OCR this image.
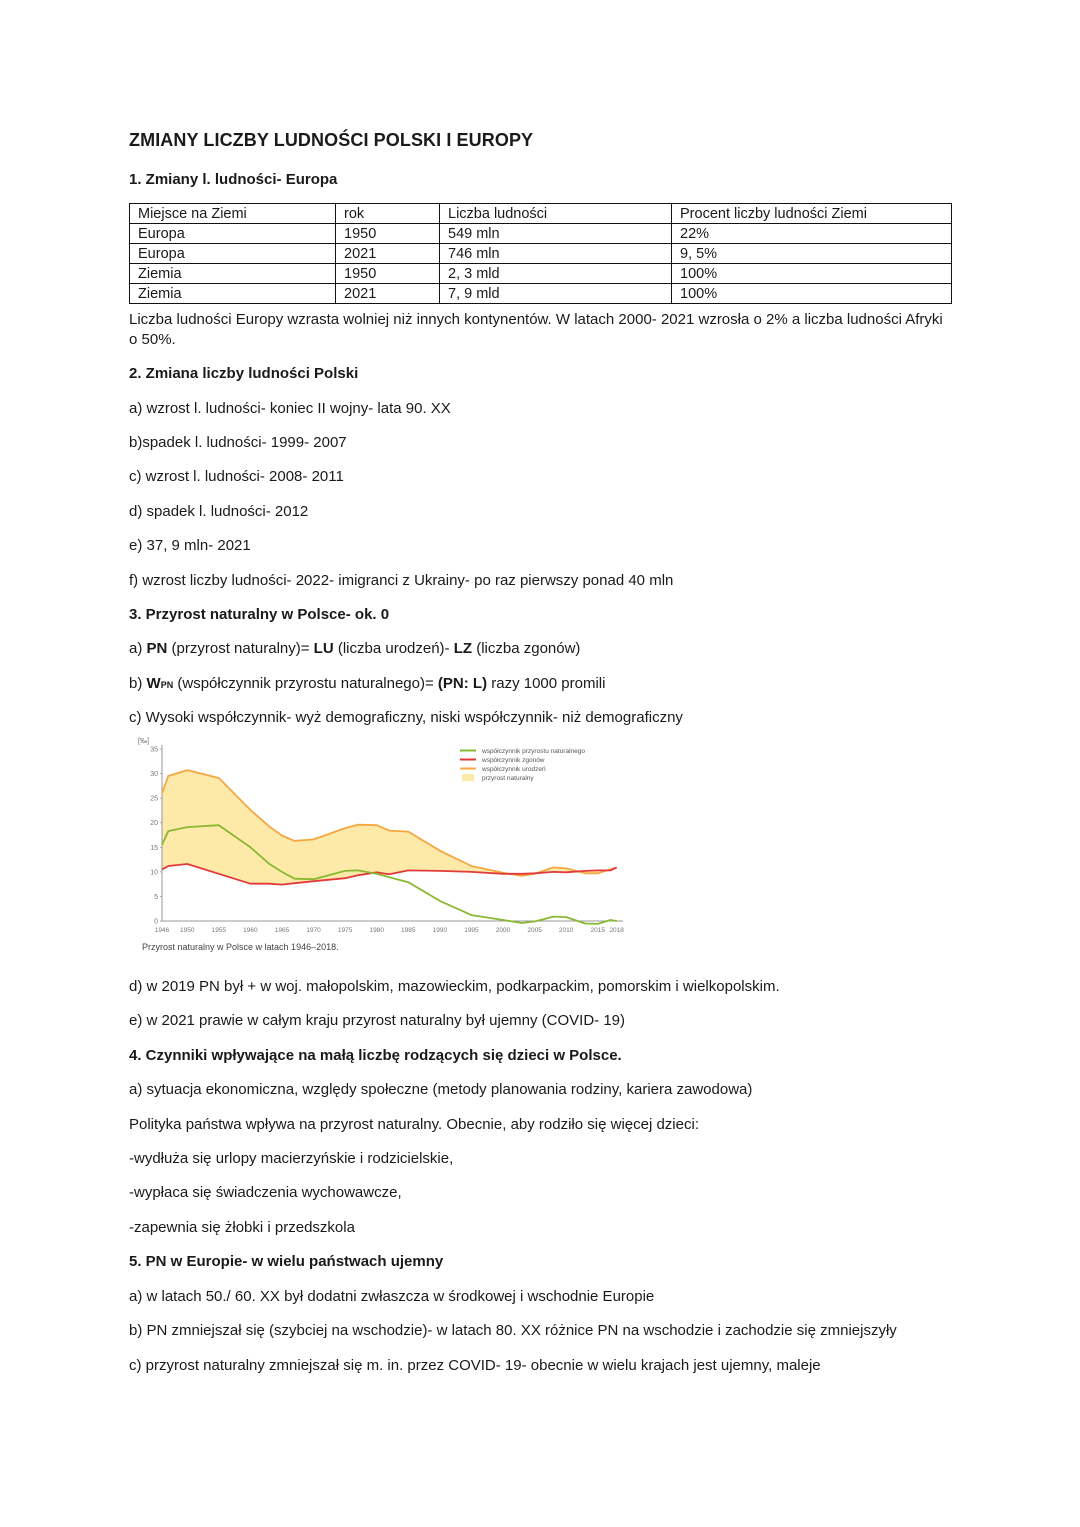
ZMIANY LICZBY LUDNOŚCI POLSKI I EUROPY
1. Zmiany l. ludności- Europa
Miejsce na Ziemi	rok	Liczba ludności	Procent liczby ludności Ziemi
Europa	1950	549 mln	22%
Europa	2021	746 mln	9, 5%
Ziemia	1950	2, 3 mld	100%
Ziemia	2021	7, 9 mld	100%
Liczba ludności Europy wzrasta wolniej niż innych kontynentów. W latach 2000- 2021 wzrosła o 2% a liczba ludności Afryki o 50%.
2. Zmiana liczby ludności Polski
a) wzrost l. ludności- koniec II wojny- lata 90. XX
b)spadek l. ludności- 1999- 2007
c) wzrost l. ludności- 2008- 2011
d) spadek l. ludności- 2012
e) 37, 9 mln- 2021
f) wzrost liczby ludności- 2022- imigranci z Ukrainy- po raz pierwszy ponad 40 mln
3. Przyrost naturalny w Polsce- ok. 0
a) PN (przyrost naturalny)= LU (liczba urodzeń)- LZ (liczba zgonów)
b) WPN (współczynnik przyrostu naturalnego)= (PN: L) razy 1000 promili
c) Wysoki współczynnik- wyż demograficzny, niski współczynnik- niż demograficzny
d) w 2019 PN był + w woj. małopolskim, mazowieckim, podkarpackim, pomorskim i wielkopolskim.
e) w 2021 prawie w całym kraju przyrost naturalny był ujemny (COVID- 19)
4. Czynniki wpływające na małą liczbę rodzących się dzieci w Polsce.
a) sytuacja ekonomiczna, względy społeczne (metody planowania rodziny, kariera zawodowa)
Polityka państwa wpływa na przyrost naturalny. Obecnie, aby rodziło się więcej dzieci:
-wydłuża się urlopy macierzyńskie i rodzicielskie,
-wypłaca się świadczenia wychowawcze,
-zapewnia się żłobki i przedszkola
5. PN w Europie- w wielu państwach ujemny
a) w latach 50./ 60. XX był dodatni zwłaszcza w środkowej i wschodnie Europie
b) PN zmniejszał się (szybciej na wschodzie)- w latach 80. XX różnice PN na wschodzie i zachodzie się zmniejszyły
c) przyrost naturalny zmniejszał się m. in. przez COVID- 19- obecnie w wielu krajach jest ujemny, maleje
[‰]
0
5
10
15
20
25
30
35
1946 1950	1955	1960	1965	1970	1975	1980	1985	1990	1995	2000	2005	2010	2015 2018
współczynnik przyrostu naturalnego
współczynnik zgonów
współczynnik urodzeń
przyrost naturalny
Przyrost naturalny w Polsce w latach 1946–2018.
